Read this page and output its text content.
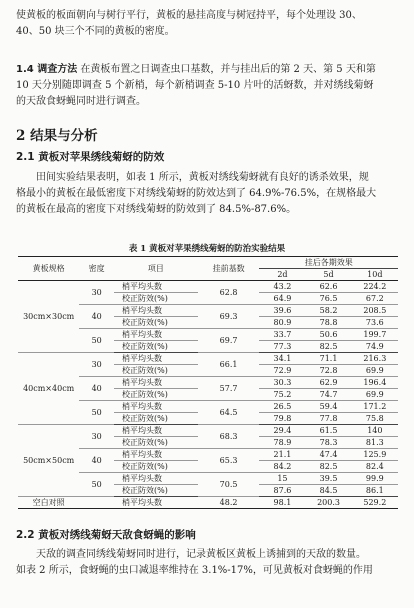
使黄板的板面朝向与树行平行，黄板的悬挂高度与树冠持平，每个处理设 30、

40、50 块三个不同的黄板的密度。

1.4 调查方法 在黄板布置之日调查虫口基数，并与挂出后的第 2 天、第 5 天和第

10 天分别随即调查 5 个新梢，每个新梢调查 5-10 片叶的活蚜数，并对绣线菊蚜

的天敌食蚜蝇同时进行调查。

2 结果与分析
2.1 黄板对苹果绣线菊蚜的防效

田间实验结果表明，如表 1 所示，黄板对绣线菊蚜就有良好的诱杀效果，规

格最小的黄板在最低密度下对绣线菊蚜的防效达到了 64.9%-76.5%，在规格最大

的黄板在最高的密度下对绣线菊蚜的防效到了 84.5%-87.6%。

表 1 黄板对苹果绣线菊蚜的防治实验结果
黄板规格	密度	项目	挂前基数	挂后各期效果		
				2d	5d	10d
30cm×30cm	30	梢平均头数	62.8	43.2	62.6	224.2
		校正防效(%)		64.9	76.5	67.2
	40	梢平均头数	69.3	39.6	58.2	208.5
		校正防效(%)		80.9	78.8	73.6
	50	梢平均头数	69.7	33.7	50.6	199.7
		校正防效(%)		77.3	82.5	74.9
40cm×40cm	30	梢平均头数	66.1	34.1	71.1	216.3
		校正防效(%)		72.9	72.8	69.9
	40	梢平均头数	57.7	30.3	62.9	196.4
		校正防效(%)		75.2	74.7	69.9
	50	梢平均头数	64.5	26.5	59.4	171.2
		校正防效(%)		79.8	77.8	75.8
50cm×50cm	30	梢平均头数	68.3	29.4	61.5	140
		校正防效(%)		78.9	78.3	81.3
	40	梢平均头数	65.3	21.1	47.4	125.9
		校正防效(%)		84.2	82.5	82.4
	50	梢平均头数	70.5	15	39.5	99.9
		校正防效(%)		87.6	84.5	86.1
空白对照		梢平均头数	48.2	98.1	200.3	529.2
2.2 黄板对绣线菊蚜天敌食蚜蝇的影响

天敌的调查同绣线菊蚜同时进行，记录黄板区黄板上诱捕到的天敌的数量。

如表 2 所示，食蚜蝇的虫口减退率维持在 3.1%-17%，可见黄板对食蚜蝇的作用
